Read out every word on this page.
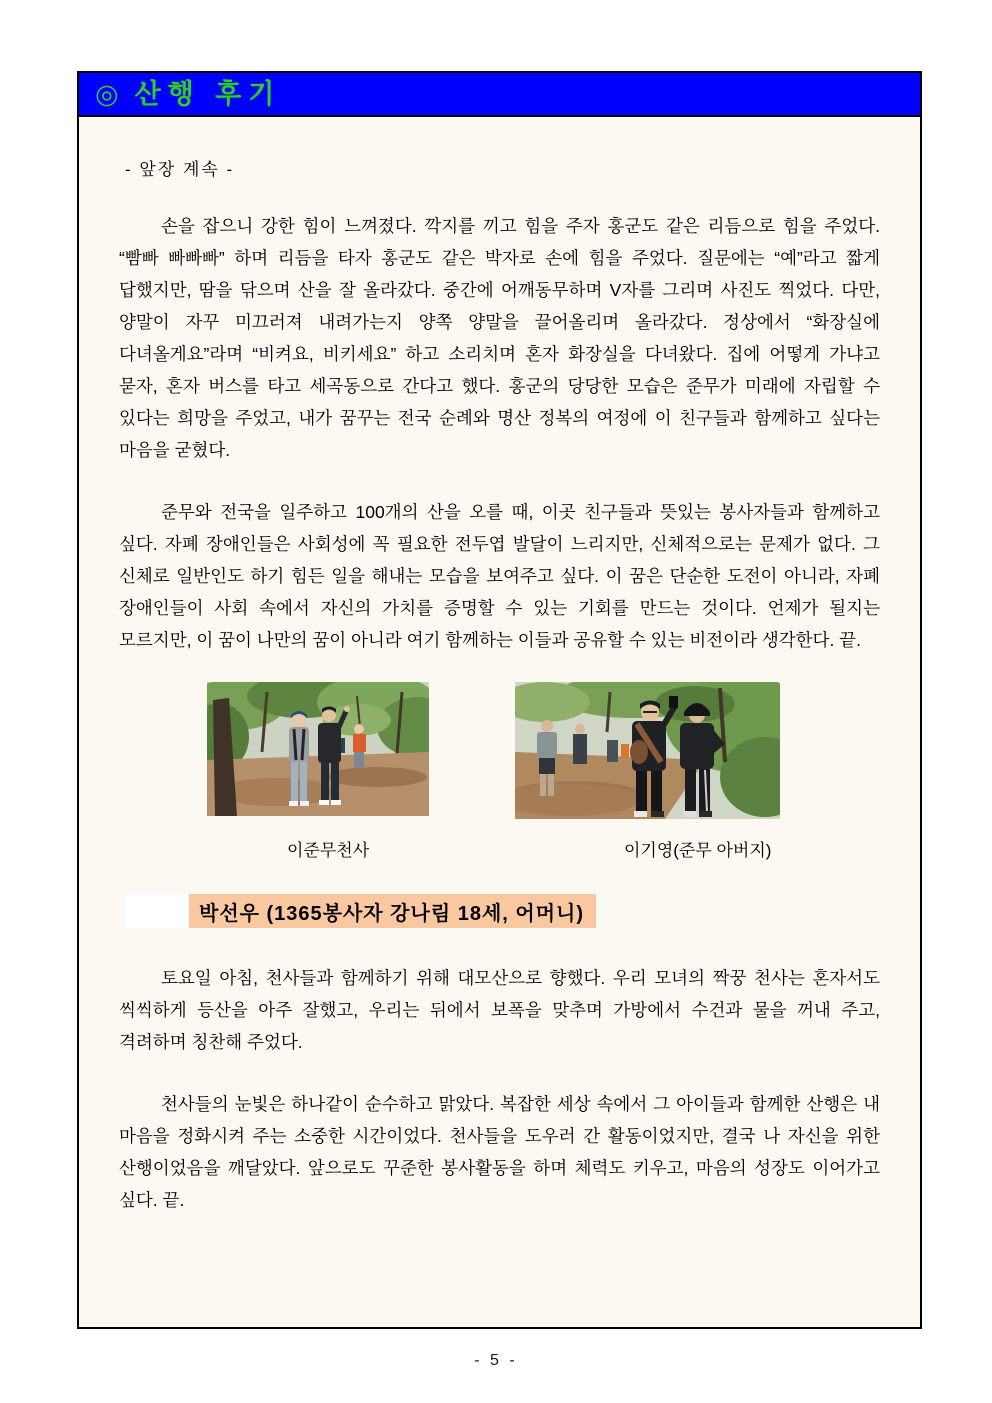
◎ 산행 후기
- 앞장 계속 -

손을 잡으니 강한 힘이 느껴졌다. 깍지를 끼고 힘을 주자 홍군도 같은 리듬으로 힘을 주었다. “빰빠 빠빠빠” 하며 리듬을 타자 홍군도 같은 박자로 손에 힘을 주었다. 질문에는 “예”라고 짧게 답했지만, 땀을 닦으며 산을 잘 올라갔다. 중간에 어깨동무하며 V자를 그리며 사진도 찍었다. 다만, 양말이 자꾸 미끄러져 내려가는지 양쪽 양말을 끌어올리며 올라갔다. 정상에서 “화장실에 다녀올게요”라며 “비켜요, 비키세요” 하고 소리치며 혼자 화장실을 다녀왔다. 집에 어떻게 가냐고 묻자, 혼자 버스를 타고 세곡동으로 간다고 했다. 홍군의 당당한 모습은 준무가 미래에 자립할 수 있다는 희망을 주었고, 내가 꿈꾸는 전국 순례와 명산 정복의 여정에 이 친구들과 함께하고 싶다는 마음을 굳혔다.

준무와 전국을 일주하고 100개의 산을 오를 때, 이곳 친구들과 뜻있는 봉사자들과 함께하고 싶다. 자폐 장애인들은 사회성에 꼭 필요한 전두엽 발달이 느리지만, 신체적으로는 문제가 없다. 그 신체로 일반인도 하기 힘든 일을 해내는 모습을 보여주고 싶다. 이 꿈은 단순한 도전이 아니라, 자폐 장애인들이 사회 속에서 자신의 가치를 증명할 수 있는 기회를 만드는 것이다. 언제가 될지는 모르지만, 이 꿈이 나만의 꿈이 아니라 여기 함께하는 이들과 공유할 수 있는 비전이라 생각한다. 끝.

이준무천사	이기영(준무 아버지)
박선우 (1365봉사자 강나림 18세, 어머니)

토요일 아침, 천사들과 함께하기 위해 대모산으로 향했다. 우리 모녀의 짝꿍 천사는 혼자서도 씩씩하게 등산을 아주 잘했고, 우리는 뒤에서 보폭을 맞추며 가방에서 수건과 물을 꺼내 주고, 격려하며 칭찬해 주었다.

천사들의 눈빛은 하나같이 순수하고 맑았다. 복잡한 세상 속에서 그 아이들과 함께한 산행은 내 마음을 정화시켜 주는 소중한 시간이었다. 천사들을 도우러 간 활동이었지만, 결국 나 자신을 위한 산행이었음을 깨달았다. 앞으로도 꾸준한 봉사활동을 하며 체력도 키우고, 마음의 성장도 이어가고 싶다. 끝.

- 5 -
